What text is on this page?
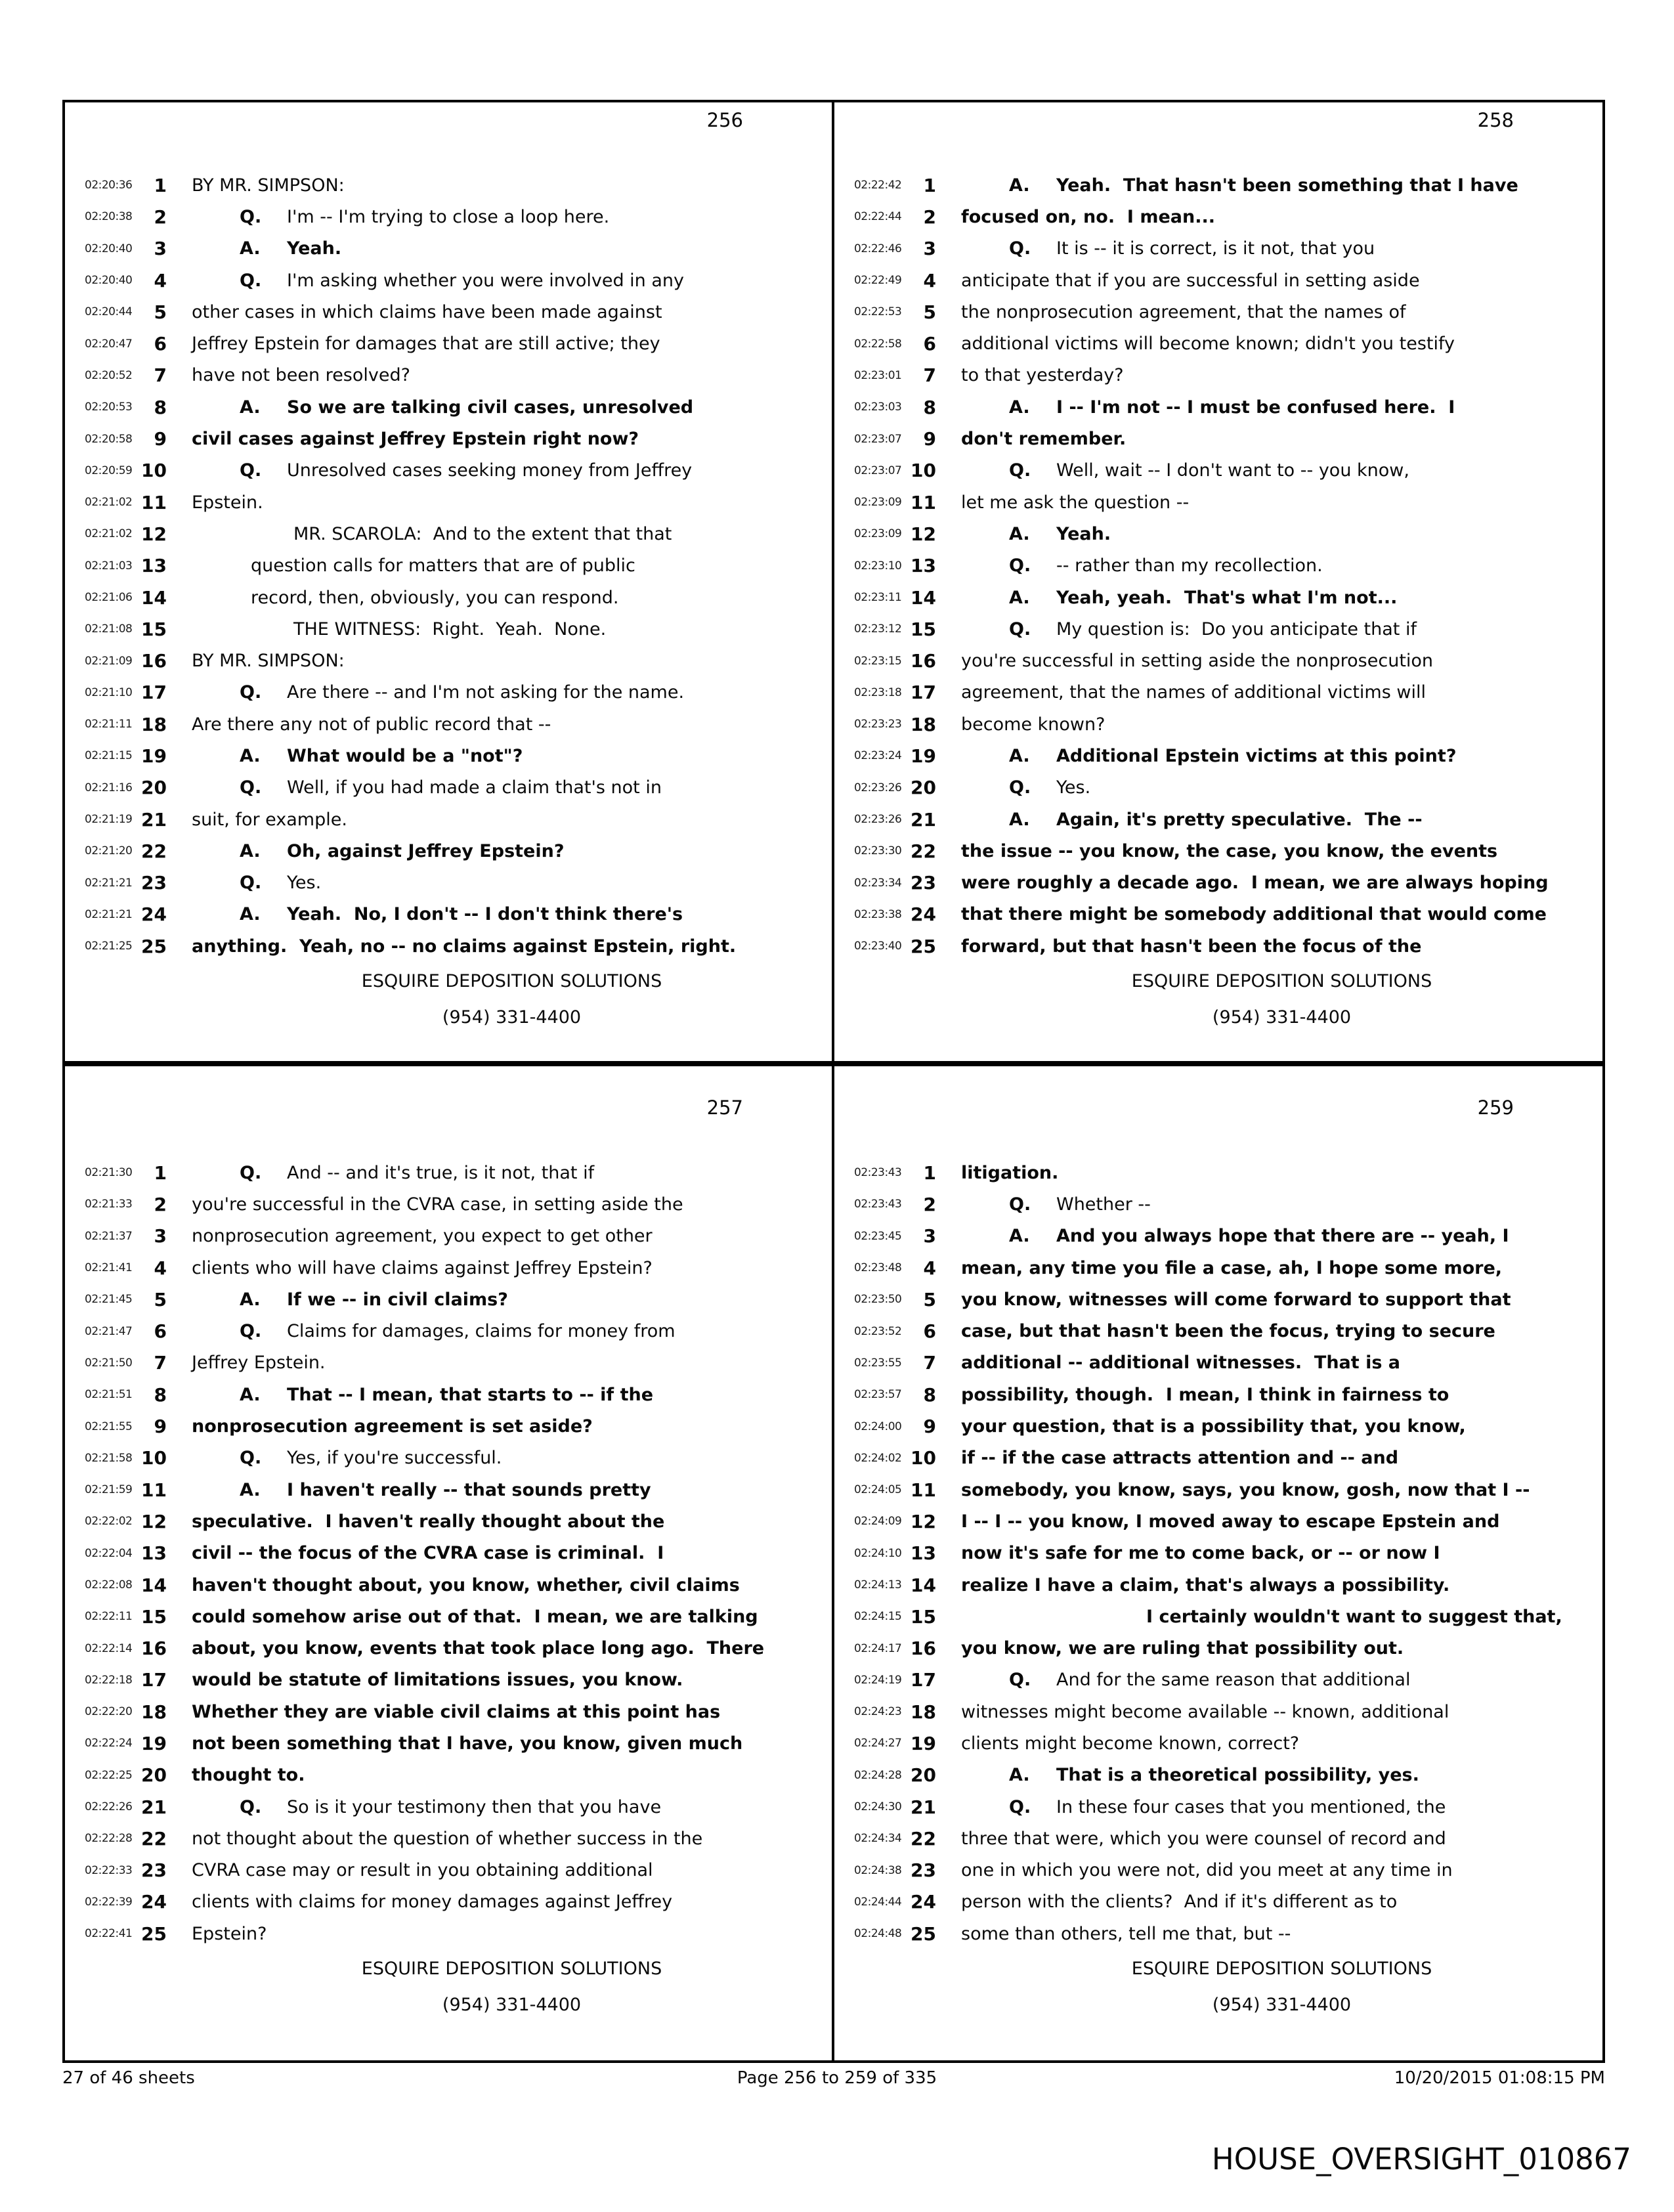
256
02:20:36	1 BY MR. SIMPSON:
02:20:38	2	Q. I'm -- I'm trying to close a loop here.
02:20:40	3	A. Yeah.
02:20:40	4	Q. I'm asking whether you were involved in any
02:20:44	5 other cases in which claims have been made against
02:20:47	6 Jeffrey Epstein for damages that are still active; they
02:20:52	7 have not been resolved?
02:20:53	8	A. So we are talking civil cases, unresolved
02:20:58	9 civil cases against Jeffrey Epstein right now?
02:20:59 10	Q. Unresolved cases seeking money from Jeffrey
02:21:02 11 Epstein.
02:21:02 12	MR. SCAROLA:  And to the extent that that
02:21:03 13	question calls for matters that are of public
02:21:06 14	record, then, obviously, you can respond.
02:21:08 15	THE WITNESS:  Right.  Yeah.  None.
02:21:09 16 BY MR. SIMPSON:
02:21:10 17	Q. Are there -- and I'm not asking for the name.
02:21:11 18 Are there any not of public record that --
02:21:15 19	A. What would be a "not"?
02:21:16 20	Q. Well, if you had made a claim that's not in
02:21:19 21 suit, for example.
02:21:20 22	A. Oh, against Jeffrey Epstein?
02:21:21 23	Q. Yes.
02:21:21 24	A. Yeah.  No, I don't -- I don't think there's
02:21:25 25 anything.  Yeah, no -- no claims against Epstein, right.
ESQUIRE DEPOSITION SOLUTIONS
(954) 331-4400
258
02:22:42	1	A. Yeah.  That hasn't been something that I have
02:22:44	2 focused on, no.  I mean...
02:22:46	3	Q. It is -- it is correct, is it not, that you
02:22:49	4 anticipate that if you are successful in setting aside
02:22:53	5 the nonprosecution agreement, that the names of
02:22:58	6 additional victims will become known; didn't you testify
02:23:01	7 to that yesterday?
02:23:03	8	A. I -- I'm not -- I must be confused here.  I
02:23:07	9 don't remember.
02:23:07 10	Q. Well, wait -- I don't want to -- you know,
02:23:09 11 let me ask the question --
02:23:09 12	A. Yeah.
02:23:10 13	Q. -- rather than my recollection.
02:23:11 14	A. Yeah, yeah.  That's what I'm not...
02:23:12 15	Q. My question is:  Do you anticipate that if
02:23:15 16 you're successful in setting aside the nonprosecution
02:23:18 17 agreement, that the names of additional victims will
02:23:23 18 become known?
02:23:24 19	A. Additional Epstein victims at this point?
02:23:26 20	Q. Yes.
02:23:26 21	A. Again, it's pretty speculative.  The --
02:23:30 22 the issue -- you know, the case, you know, the events
02:23:34 23 were roughly a decade ago.  I mean, we are always hoping
02:23:38 24 that there might be somebody additional that would come
02:23:40 25 forward, but that hasn't been the focus of the
ESQUIRE DEPOSITION SOLUTIONS
(954) 331-4400
257
02:21:30	1	Q. And -- and it's true, is it not, that if
02:21:33	2 you're successful in the CVRA case, in setting aside the
02:21:37	3 nonprosecution agreement, you expect to get other
02:21:41	4 clients who will have claims against Jeffrey Epstein?
02:21:45	5	A. If we -- in civil claims?
02:21:47	6	Q. Claims for damages, claims for money from
02:21:50	7 Jeffrey Epstein.
02:21:51	8	A. That -- I mean, that starts to -- if the
02:21:55	9 nonprosecution agreement is set aside?
02:21:58 10	Q. Yes, if you're successful.
02:21:59 11	A. I haven't really -- that sounds pretty
02:22:02 12 speculative.  I haven't really thought about the
02:22:04 13 civil -- the focus of the CVRA case is criminal.  I
02:22:08 14 haven't thought about, you know, whether, civil claims
02:22:11 15 could somehow arise out of that.  I mean, we are talking
02:22:14 16 about, you know, events that took place long ago.  There
02:22:18 17 would be statute of limitations issues, you know.
02:22:20 18 Whether they are viable civil claims at this point has
02:22:24 19 not been something that I have, you know, given much
02:22:25 20 thought to.
02:22:26 21	Q. So is it your testimony then that you have
02:22:28 22 not thought about the question of whether success in the
02:22:33 23 CVRA case may or result in you obtaining additional
02:22:39 24 clients with claims for money damages against Jeffrey
02:22:41 25 Epstein?
ESQUIRE DEPOSITION SOLUTIONS
(954) 331-4400
259
02:23:43	1 litigation.
02:23:43	2	Q. Whether --
02:23:45	3	A. And you always hope that there are -- yeah, I
02:23:48	4 mean, any time you file a case, ah, I hope some more,
02:23:50	5 you know, witnesses will come forward to support that
02:23:52	6 case, but that hasn't been the focus, trying to secure
02:23:55	7 additional -- additional witnesses.  That is a
02:23:57	8 possibility, though.  I mean, I think in fairness to
02:24:00	9 your question, that is a possibility that, you know,
02:24:02 10 if -- if the case attracts attention and -- and
02:24:05 11 somebody, you know, says, you know, gosh, now that I --
02:24:09 12 I -- I -- you know, I moved away to escape Epstein and
02:24:10 13 now it's safe for me to come back, or -- or now I
02:24:13 14 realize I have a claim, that's always a possibility.
02:24:15 15	I certainly wouldn't want to suggest that,
02:24:17 16 you know, we are ruling that possibility out.
02:24:19 17	Q. And for the same reason that additional
02:24:23 18 witnesses might become available -- known, additional
02:24:27 19 clients might become known, correct?
02:24:28 20	A. That is a theoretical possibility, yes.
02:24:30 21	Q. In these four cases that you mentioned, the
02:24:34 22 three that were, which you were counsel of record and
02:24:38 23 one in which you were not, did you meet at any time in
02:24:44 24 person with the clients?  And if it's different as to
02:24:48 25 some than others, tell me that, but --
ESQUIRE DEPOSITION SOLUTIONS
(954) 331-4400
27 of 46 sheets	Page 256 to 259 of 335	10/20/2015 01:08:15 PM
HOUSE_OVERSIGHT_010867
